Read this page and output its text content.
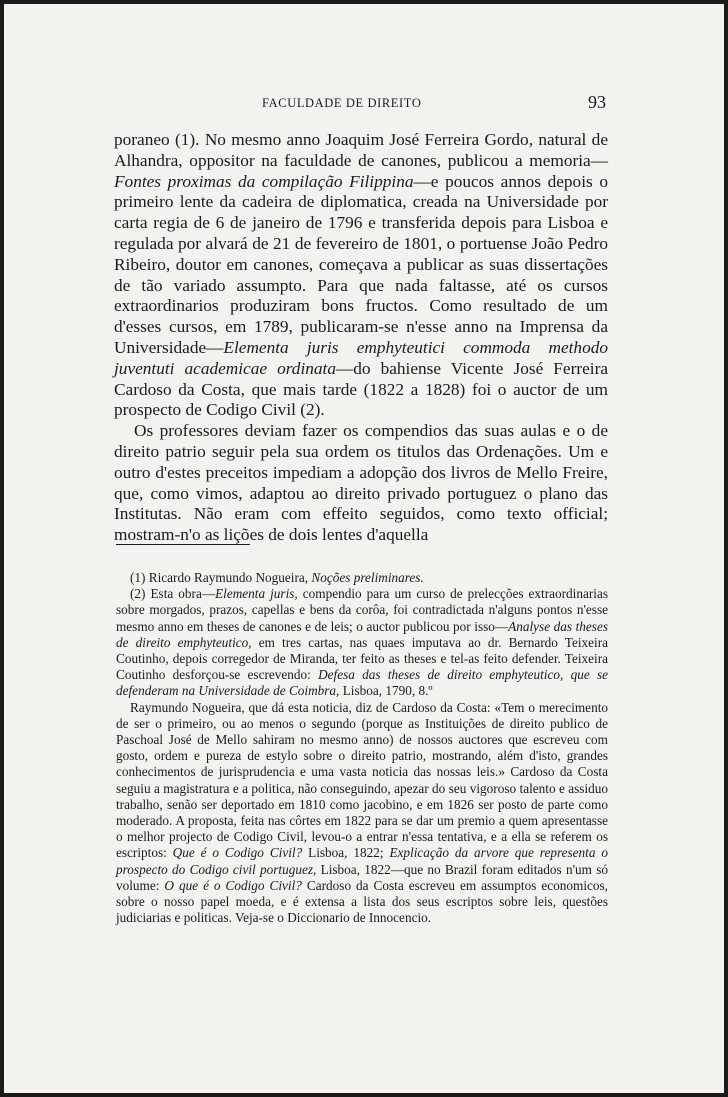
FACULDADE DE DIREITO	93

poraneo (1). No mesmo anno Joaquim José Ferreira Gordo, natural de Alhandra, oppositor na faculdade de canones, publicou a memoria—Fontes proximas da compilação Filippina—e poucos annos depois o primeiro lente da cadeira de diplomatica, creada na Universidade por carta regia de 6 de janeiro de 1796 e transferida depois para Lisboa e regulada por alvará de 21 de fevereiro de 1801, o portuense João Pedro Ribeiro, doutor em canones, começava a publicar as suas dissertações de tão variado assumpto. Para que nada faltasse, até os cursos extraordinarios produziram bons fructos. Como resultado de um d'esses cursos, em 1789, publicaram-se n'esse anno na Imprensa da Universidade—Elementa juris emphyteutici commoda methodo juventuti academicae ordinata—do bahiense Vicente José Ferreira Cardoso da Costa, que mais tarde (1822 a 1828) foi o auctor de um prospecto de Codigo Civil (2).

Os professores deviam fazer os compendios das suas aulas e o de direito patrio seguir pela sua ordem os titulos das Ordenações. Um e outro d'estes preceitos impediam a adopção dos livros de Mello Freire, que, como vimos, adaptou ao direito privado portuguez o plano das Institutas. Não eram com effeito seguidos, como texto official; mostram-n'o as lições de dois lentes d'aquella

(1) Ricardo Raymundo Nogueira, Noções preliminares.

(2) Esta obra—Elementa juris, compendio para um curso de prelecções extraordinarias sobre morgados, prazos, capellas e bens da corôa, foi contradictada n'alguns pontos n'esse mesmo anno em theses de canones e de leis; o auctor publicou por isso—Analyse das theses de direito emphyteutico, em tres cartas, nas quaes imputava ao dr. Bernardo Teixeira Coutinho, depois corregedor de Miranda, ter feito as theses e tel-as feito defender. Teixeira Coutinho desforçou-se escrevendo: Defesa das theses de direito emphyteutico, que se defenderam na Universidade de Coimbra, Lisboa, 1790, 8.º

Raymundo Nogueira, que dá esta noticia, diz de Cardoso da Costa: «Tem o merecimento de ser o primeiro, ou ao menos o segundo (porque as Instituições de direito publico de Paschoal José de Mello sahiram no mesmo anno) de nossos auctores que escreveu com gosto, ordem e pureza de estylo sobre o direito patrio, mostrando, além d'isto, grandes conhecimentos de jurisprudencia e uma vasta noticia das nossas leis.» Cardoso da Costa seguiu a magistratura e a politica, não conseguindo, apezar do seu vigoroso talento e assiduo trabalho, senão ser deportado em 1810 como jacobino, e em 1826 ser posto de parte como moderado. A proposta, feita nas côrtes em 1822 para se dar um premio a quem apresentasse o melhor projecto de Codigo Civil, levou-o a entrar n'essa tentativa, e a ella se referem os escriptos: Que é o Codigo Civil? Lisboa, 1822; Explicação da arvore que representa o prospecto do Codigo civil portuguez, Lisboa, 1822—que no Brazil foram editados n'um só volume: O que é o Codigo Civil? Cardoso da Costa escreveu em assumptos economicos, sobre o nosso papel moeda, e é extensa a lista dos seus escriptos sobre leis, questões judiciarias e politicas. Veja-se o Diccionario de Innocencio.
